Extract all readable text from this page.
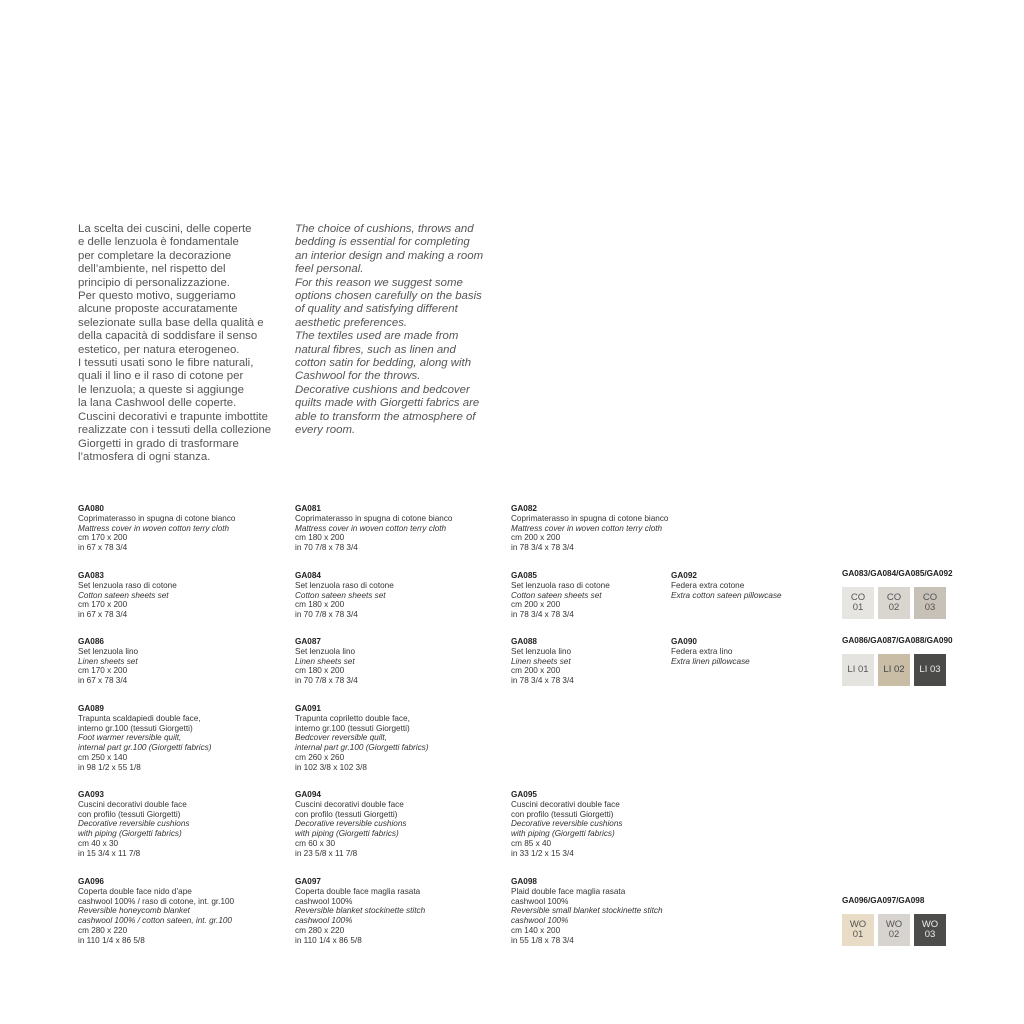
La scelta dei cuscini, delle coperte

e delle lenzuola è fondamentale

per completare la decorazione

dell’ambiente, nel rispetto del

principio di personalizzazione.

Per questo motivo, suggeriamo

alcune proposte accuratamente

selezionate sulla base della qualità e

della capacità di soddisfare il senso

estetico, per natura eterogeneo.

I tessuti usati sono le fibre naturali,

quali il lino e il raso di cotone per

le lenzuola; a queste si aggiunge

la lana Cashwool delle coperte.

Cuscini decorativi e trapunte imbottite

realizzate con i tessuti della collezione

Giorgetti in grado di trasformare

l’atmosfera di ogni stanza.

The choice of cushions, throws and

bedding is essential for completing

an interior design and making a room

feel personal.

For this reason we suggest some

options chosen carefully on the basis

of quality and satisfying different

aesthetic preferences.

The textiles used are made from

natural fibres, such as linen and

cotton satin for bedding, along with

Cashwool for the throws.

Decorative cushions and bedcover

quilts made with Giorgetti fabrics are

able to transform the atmosphere of

every room.

GA080
Coprimaterasso in spugna di cotone bianco
Mattress cover in woven cotton terry cloth
cm 170 x 200
in 67 x 78 3/4
GA081
Coprimaterasso in spugna di cotone bianco
Mattress cover in woven cotton terry cloth
cm 180 x 200
in 70 7/8 x 78 3/4
GA082
Coprimaterasso in spugna di cotone bianco
Mattress cover in woven cotton terry cloth
cm 200 x 200
in 78 3/4 x 78 3/4
GA083
Set lenzuola raso di cotone
Cotton sateen sheets set
cm 170 x 200
in 67 x 78 3/4
GA084
Set lenzuola raso di cotone
Cotton sateen sheets set
cm 180 x 200
in 70 7/8 x 78 3/4
GA085
Set lenzuola raso di cotone
Cotton sateen sheets set
cm 200 x 200
in 78 3/4 x 78 3/4
GA092
Federa extra cotone
Extra cotton sateen pillowcase
GA086
Set lenzuola lino
Linen sheets set
cm 170 x 200
in 67 x 78 3/4
GA087
Set lenzuola lino
Linen sheets set
cm 180 x 200
in 70 7/8 x 78 3/4
GA088
Set lenzuola lino
Linen sheets set
cm 200 x 200
in 78 3/4 x 78 3/4
GA090
Federa extra lino
Extra linen pillowcase
GA089
Trapunta scaldapiedi double face,
interno gr.100 (tessuti Giorgetti)
Foot warmer reversible quilt,
internal part gr.100 (Giorgetti fabrics)
cm 250 x 140
in 98 1/2 x 55 1/8
GA091
Trapunta copriletto double face,
interno gr.100 (tessuti Giorgetti)
Bedcover reversible quilt,
internal part gr.100 (Giorgetti fabrics)
cm 260 x 260
in 102 3/8 x 102 3/8
GA093
Cuscini decorativi double face
con profilo (tessuti Giorgetti)
Decorative reversible cushions
with piping (Giorgetti fabrics)
cm 40 x 30
in 15 3/4 x 11 7/8
GA094
Cuscini decorativi double face
con profilo (tessuti Giorgetti)
Decorative reversible cushions
with piping (Giorgetti fabrics)
cm 60 x 30
in 23 5/8 x 11 7/8
GA095
Cuscini decorativi double face
con profilo (tessuti Giorgetti)
Decorative reversible cushions
with piping (Giorgetti fabrics)
cm 85 x 40
in 33 1/2 x 15 3/4
GA096
Coperta double face nido d’ape
cashwool 100% / raso di cotone, int. gr.100
Reversible honeycomb blanket
cashwool 100% / cotton sateen, int. gr.100
cm 280 x 220
in 110 1/4 x 86 5/8
GA097
Coperta double face maglia rasata
cashwool 100%
Reversible blanket stockinette stitch
cashwool 100%
cm 280 x 220
in 110 1/4 x 86 5/8
GA098
Plaid double face maglia rasata
cashwool 100%
Reversible small blanket stockinette stitch
cashwool 100%
cm 140 x 200
in 55 1/8 x 78 3/4
GA083/GA084/GA085/GA092
CO
01
CO
02
CO
03
GA086/GA087/GA088/GA090
LI 01	LI 02	LI 03
GA096/GA097/GA098
WO
01
WO
02
WO
03
